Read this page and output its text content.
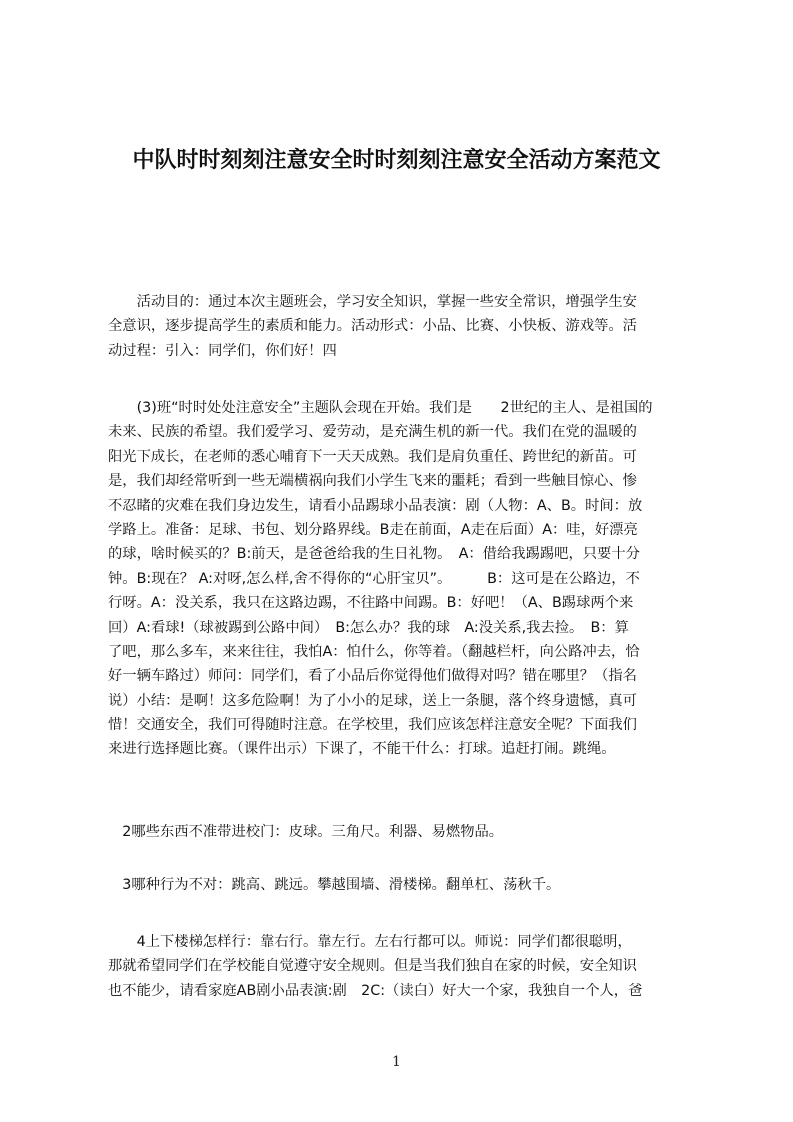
中队时时刻刻注意安全时时刻刻注意安全活动方案范文
　　活动目的：通过本次主题班会，学习安全知识，掌握一些安全常识，增强学生安
全意识，逐步提高学生的素质和能力。活动形式：小品、比赛、小快板、游戏等。活
动过程：引入：同学们，你们好！四
　　(3)班“时时处处注意安全”主题队会现在开始。我们是　　2世纪的主人、是祖国的
未来、民族的希望。我们爱学习、爱劳动，是充满生机的新一代。我们在党的温暖的
阳光下成长，在老师的悉心哺育下一天天成熟。我们是肩负重任、跨世纪的新苗。可
是，我们却经常听到一些无端横祸向我们小学生飞来的噩耗；看到一些触目惊心、惨
不忍睹的灾难在我们身边发生，请看小品踢球小品表演：剧（人物：A、B。时间：放
学路上。准备：足球、书包、划分路界线。B走在前面，A走在后面）A：哇，好漂亮
的球，啥时候买的？B:前天，是爸爸给我的生日礼物。　A：借给我踢踢吧，只要十分
钟。B:现在？ A:对呀,怎么样,舍不得你的“心肝宝贝”。　　　B：这可是在公路边，不
行呀。A：没关系，我只在这路边踢，不往路中间踢。B：好吧！（A、B踢球两个来
回）A:看球!（球被踢到公路中间）　B:怎么办？我的球　A:没关系,我去捡。　B：算
了吧，那么多车，来来往往，我怕A：怕什么，你等着。（翻越栏杆，向公路冲去，恰
好一辆车路过）师问：同学们，看了小品后你觉得他们做得对吗？错在哪里？（指名
说）小结：是啊！这多危险啊！为了小小的足球，送上一条腿，落个终身遗憾，真可
惜！交通安全，我们可得随时注意。在学校里，我们应该怎样注意安全呢？下面我们
来进行选择题比赛。（课件出示）下课了，不能干什么：打球。追赶打闹。跳绳。
　2哪些东西不准带进校门：皮球。三角尺。利器、易燃物品。
　3哪种行为不对：跳高、跳远。攀越围墙、滑楼梯。翻单杠、荡秋千。
　　4上下楼梯怎样行：靠右行。靠左行。左右行都可以。师说：同学们都很聪明，
那就希望同学们在学校能自觉遵守安全规则。但是当我们独自在家的时候，安全知识
也不能少，请看家庭AB剧小品表演:剧　2C:（读白）好大一个家，我独自一个人，爸
1
